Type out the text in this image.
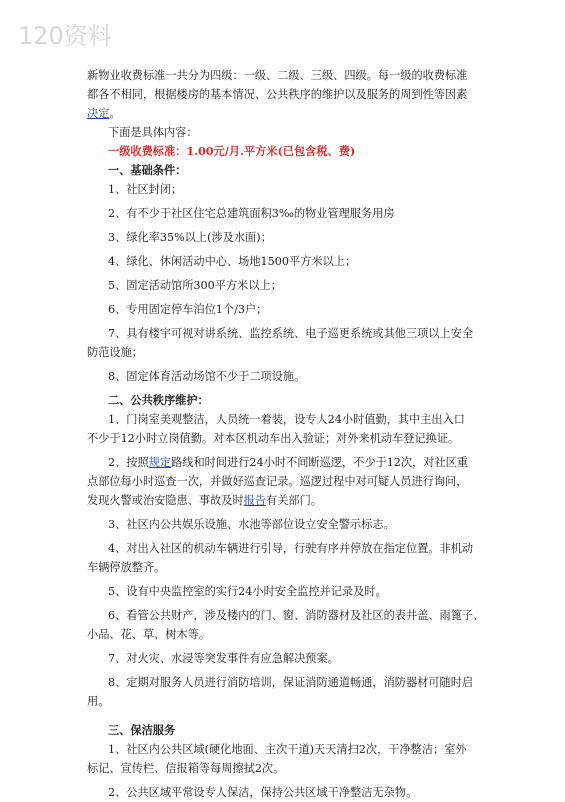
120资料
新物业收费标准一共分为四级：一级、二级、三级、四级。每一级的收费标准
都各不相同，根据楼房的基本情况、公共秩序的维护以及服务的周到性等因素
决定。
下面是具体内容：
一级收费标准：1.00元/月.平方米(已包含税、费)
一、基础条件：
1、社区封闭；
2、有不少于社区住宅总建筑面积3‰的物业管理服务用房
3、绿化率35%以上(涉及水面)；
4、绿化、休闲活动中心、场地1500平方米以上；
5、固定活动馆所300平方米以上；
6、专用固定停车泊位1个/3户；
7、具有楼宇可视对讲系统、监控系统、电子巡更系统或其他三项以上安全
防范设施；
8、固定体育活动场馆不少于二项设施。
二、公共秩序维护：
1、门岗室美观整洁，人员统一着装，设专人24小时值勤，其中主出入口
不少于12小时立岗值勤。对本区机动车出入验证；对外来机动车登记换证。
2、按照规定路线和时间进行24小时不间断巡逻，不少于12次，对社区重
点部位每小时巡查一次，并做好巡查记录。巡逻过程中对可疑人员进行询问，
发现火警或治安隐患、事故及时报告有关部门。
3、社区内公共娱乐设施、水池等部位设立安全警示标志。
4、对出入社区的机动车辆进行引导，行驶有序并停放在指定位置。非机动
车辆停放整齐。
5、设有中央监控室的实行24小时安全监控并记录及时。
6、看管公共财产，涉及楼内的门、窗、消防器材及社区的表井盖、雨篦子、
小品、花、草、树木等。
7、对火灾、水浸等突发事件有应急解决预案。
8、定期对服务人员进行消防培训，保证消防通道畅通，消防器材可随时启
用。
三、保洁服务
1、社区内公共区域(硬化地面、主次干道)天天清扫2次，干净整洁；室外
标记、宣传栏、信报箱等每周擦拭2次。
2、公共区域平常设专人保洁，保持公共区域干净整洁无杂物。
